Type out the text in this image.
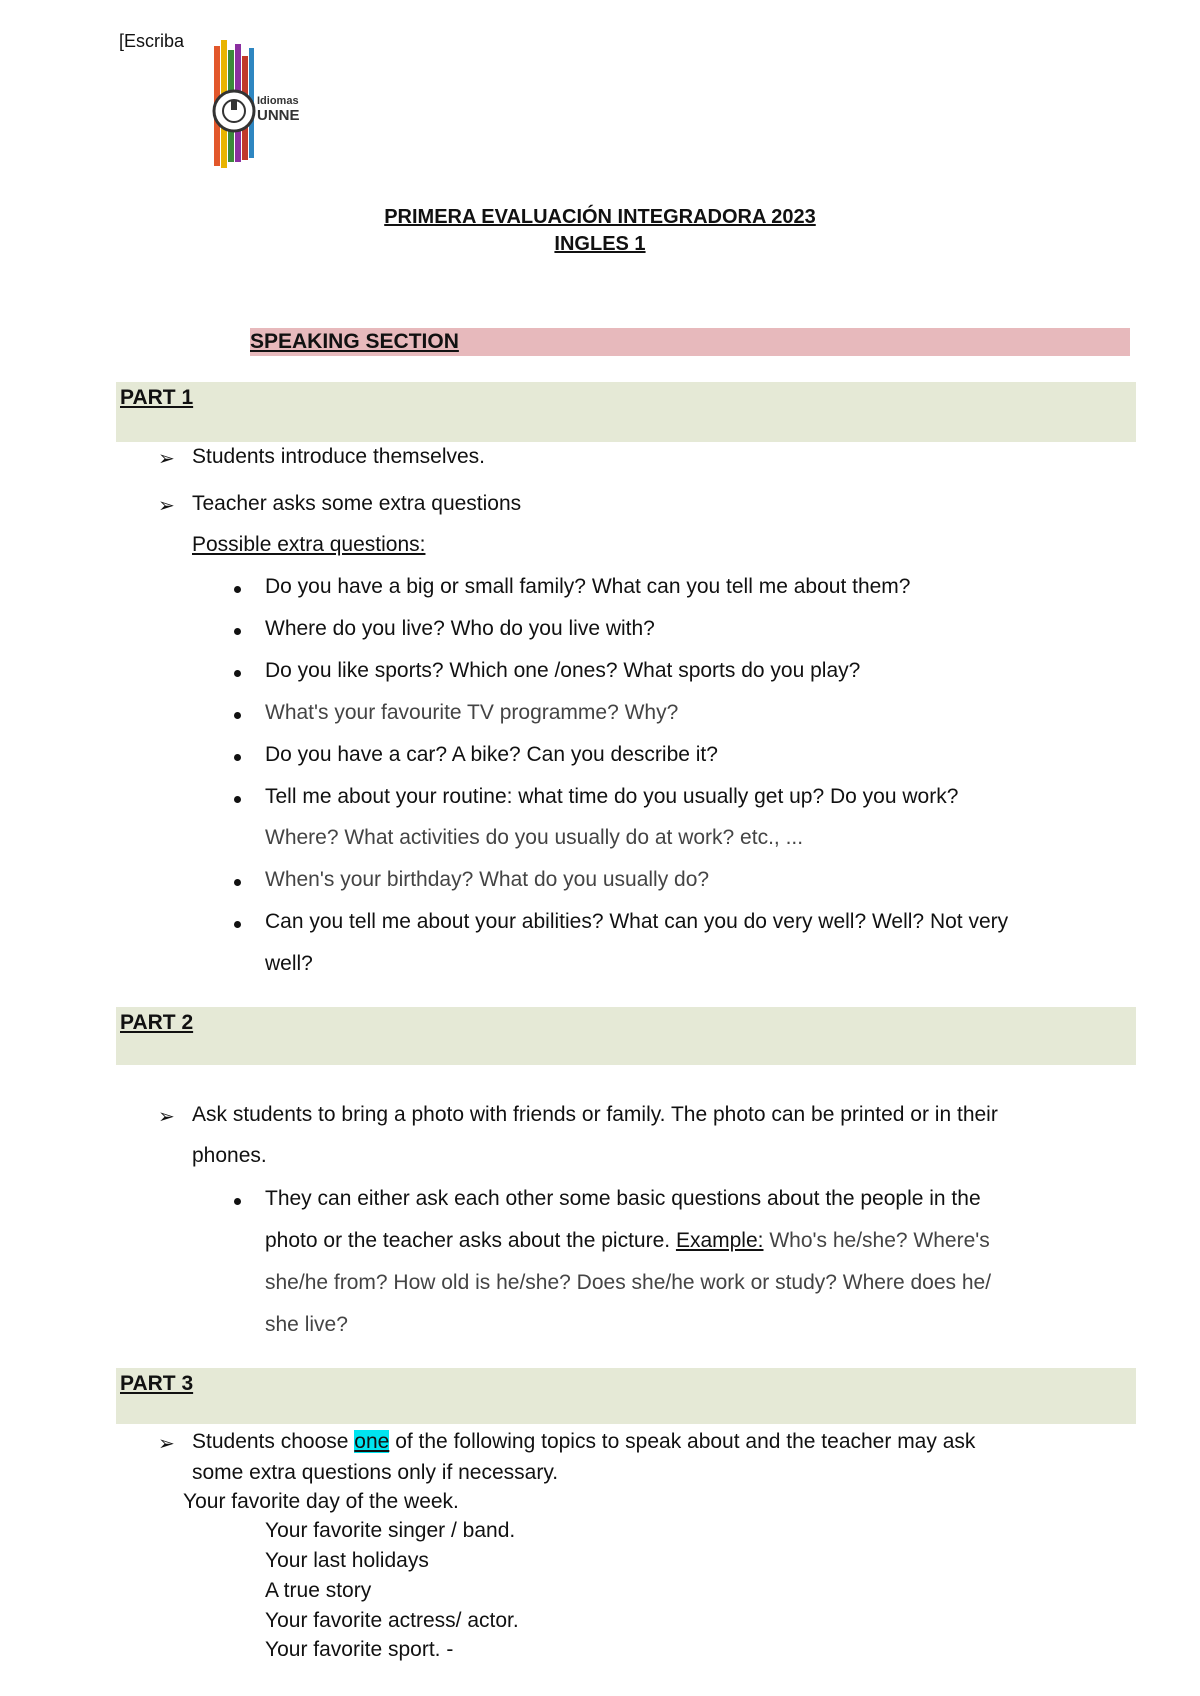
[Escriba
Idiomas
UNNE
PRIMERA EVALUACIÓN INTEGRADORA 2023
INGLES 1
SPEAKING SECTION
PART 1
➢ Students introduce themselves.
➢ Teacher asks some extra questions
Possible extra questions:
Do you have a big or small family? What can you tell me about them?
Where do you live? Who do you live with?
Do you like sports? Which one /ones? What sports do you play?
What's your favourite TV programme? Why?
Do you have a car? A bike? Can you describe it?
Tell me about your routine: what time do you usually get up? Do you work?
Where? What activities do you usually do at work? etc., ...
When's your birthday? What do you usually do?
Can you tell me about your abilities? What can you do very well? Well? Not very
well?
PART 2
➢ Ask students to bring a photo with friends or family. The photo can be printed or in their
phones.
They can either ask each other some basic questions about the people in the
photo or the teacher asks about the picture. Example: Who's he/she? Where's
she/he from? How old is he/she? Does she/he work or study? Where does he/
she live?
PART 3
➢ Students choose one of the following topics to speak about and the teacher may ask
some extra questions only if necessary.
Your favorite day of the week.
Your favorite singer / band.
Your last holidays
A true story
Your favorite actress/ actor.
Your favorite sport. -
